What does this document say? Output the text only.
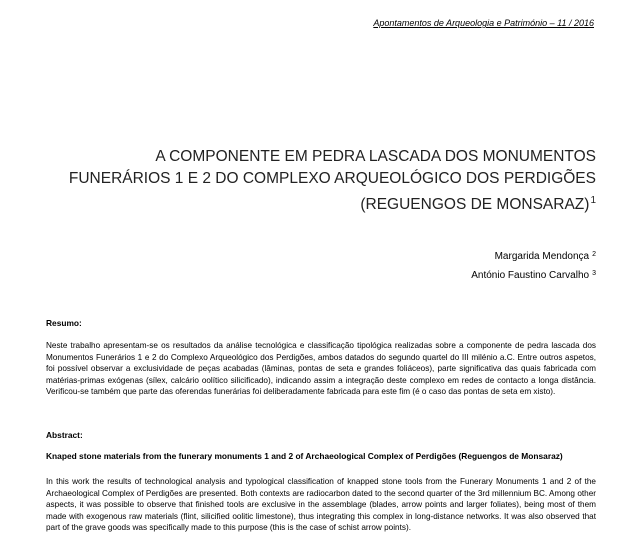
Apontamentos de Arqueologia e Património – 11 / 2016
A COMPONENTE EM PEDRA LASCADA DOS MONUMENTOS
FUNERÁRIOS 1 E 2 DO COMPLEXO ARQUEOLÓGICO DOS PERDIGÕES
(REGUENGOS DE MONSARAZ)$^1$
Margarida Mendonça $^2$
António Faustino Carvalho $^3$
Resumo:
Neste trabalho apresentam-se os resultados da análise tecnológica e classificação tipológica realizadas sobre a componente de pedra lascada dos Monumentos Funerários 1 e 2 do Complexo Arqueológico dos Perdigões, ambos datados do segundo quartel do III milénio a.C. Entre outros aspetos, foi possível observar a exclusividade de peças acabadas (lâminas, pontas de seta e grandes foliáceos), parte significativa das quais fabricada com matérias-primas exógenas (sílex, calcário oolítico silicificado), indicando assim a integração deste complexo em redes de contacto a longa distância. Verificou-se também que parte das oferendas funerárias foi deliberadamente fabricada para este fim (é o caso das pontas de seta em xisto).
Abstract:
Knaped stone materials from the funerary monuments 1 and 2 of Archaeological Complex of Perdigões (Reguengos de Monsaraz)
In this work the results of technological analysis and typological classification of knapped stone tools from the Funerary Monuments 1 and 2 of the Archaeological Complex of Perdigões are presented. Both contexts are radiocarbon dated to the second quarter of the 3rd millennium BC. Among other aspects, it was possible to observe that finished tools are exclusive in the assemblage (blades, arrow points and larger foliates), being most of them made with exogenous raw materials (flint, silicified oolitic limestone), thus integrating this complex in long-distance networks. It was also observed that part of the grave goods was specifically made to this purpose (this is the case of schist arrow points).
